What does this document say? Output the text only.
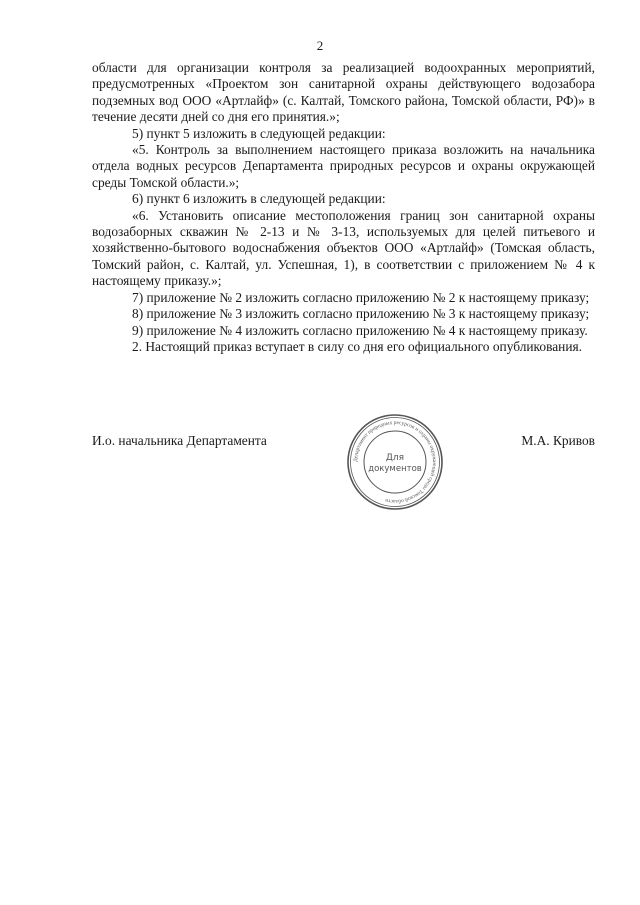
2

области для организации контроля за реализацией водоохранных мероприятий, предусмотренных «Проектом зон санитарной охраны действующего водозабора подземных вод ООО «Артлайф» (с. Калтай, Томского района, Томской области, РФ)» в течение десяти дней со дня его принятия.»;

5) пункт 5 изложить в следующей редакции:

«5. Контроль за выполнением настоящего приказа возложить на начальника отдела водных ресурсов Департамента природных ресурсов и охраны окружающей среды Томской области.»;

6) пункт 6 изложить в следующей редакции:

«6. Установить описание местоположения границ зон санитарной охраны водозаборных скважин № 2-13 и № 3-13, используемых для целей питьевого и хозяйственно-бытового водоснабжения объектов ООО «Артлайф» (Томская область, Томский район, с. Калтай, ул. Успешная, 1), в соответствии с приложением № 4 к настоящему приказу.»;

7) приложение № 2 изложить согласно приложению № 2 к настоящему приказу;

8) приложение № 3 изложить согласно приложению № 3 к настоящему приказу;

9) приложение № 4 изложить согласно приложению № 4 к настоящему приказу.

2. Настоящий приказ вступает в силу со дня его официального опубликования.

И.о. начальника Департамента	М.А. Кривов
Департамент природных ресурсов и охраны окружающей среды Томской области
Для
документов
